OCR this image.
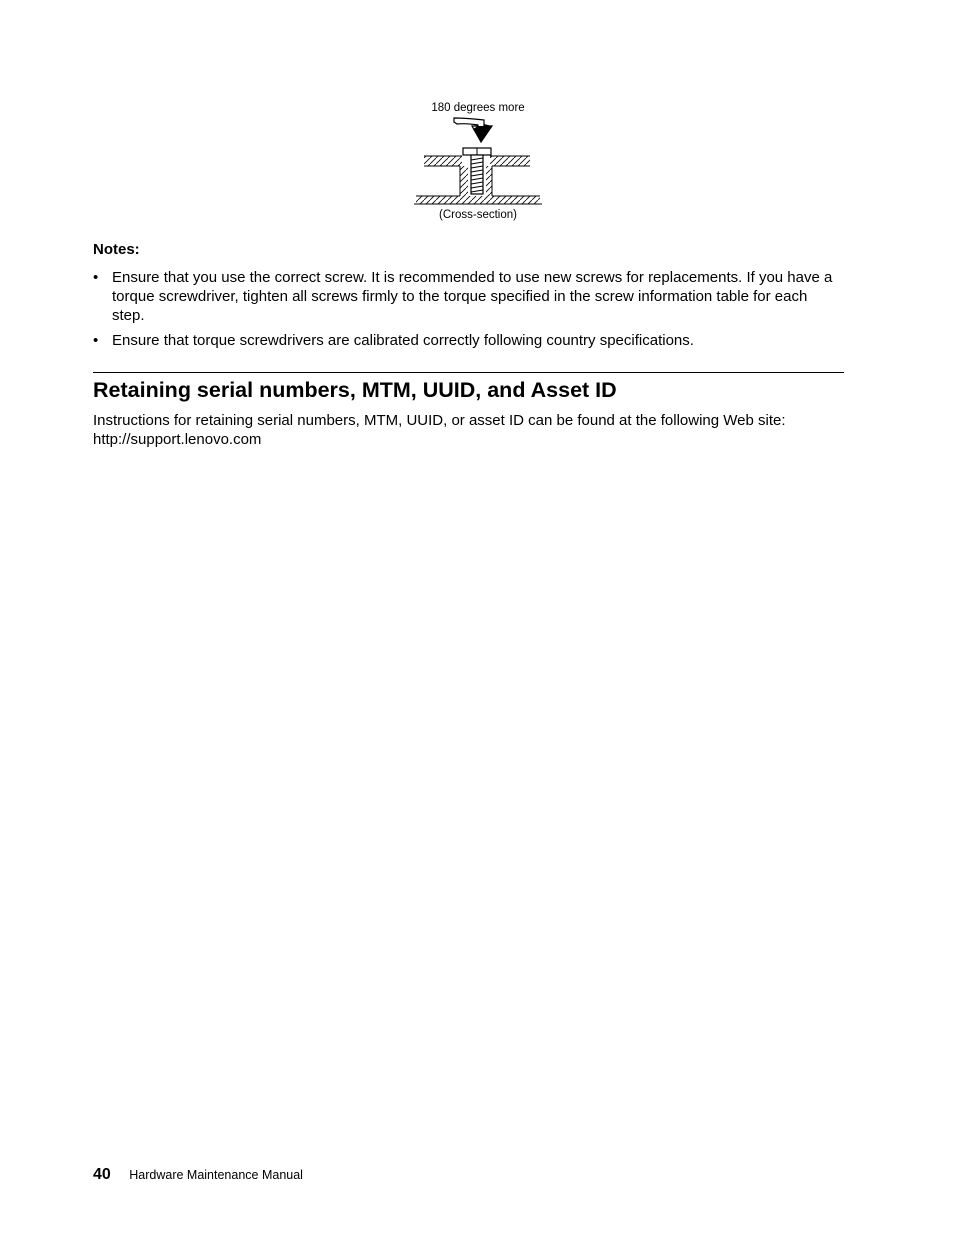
180 degrees more
(Cross-section)
Notes:
• Ensure that you use the correct screw. It is recommended to use new screws for replacements. If you have a torque screwdriver, tighten all screws firmly to the torque specified in the screw information table for each step.
• Ensure that torque screwdrivers are calibrated correctly following country specifications.
Retaining serial numbers, MTM, UUID, and Asset ID
Instructions for retaining serial numbers, MTM, UUID, or asset ID can be found at the following Web site:
http://support.lenovo.com
40 Hardware Maintenance Manual
